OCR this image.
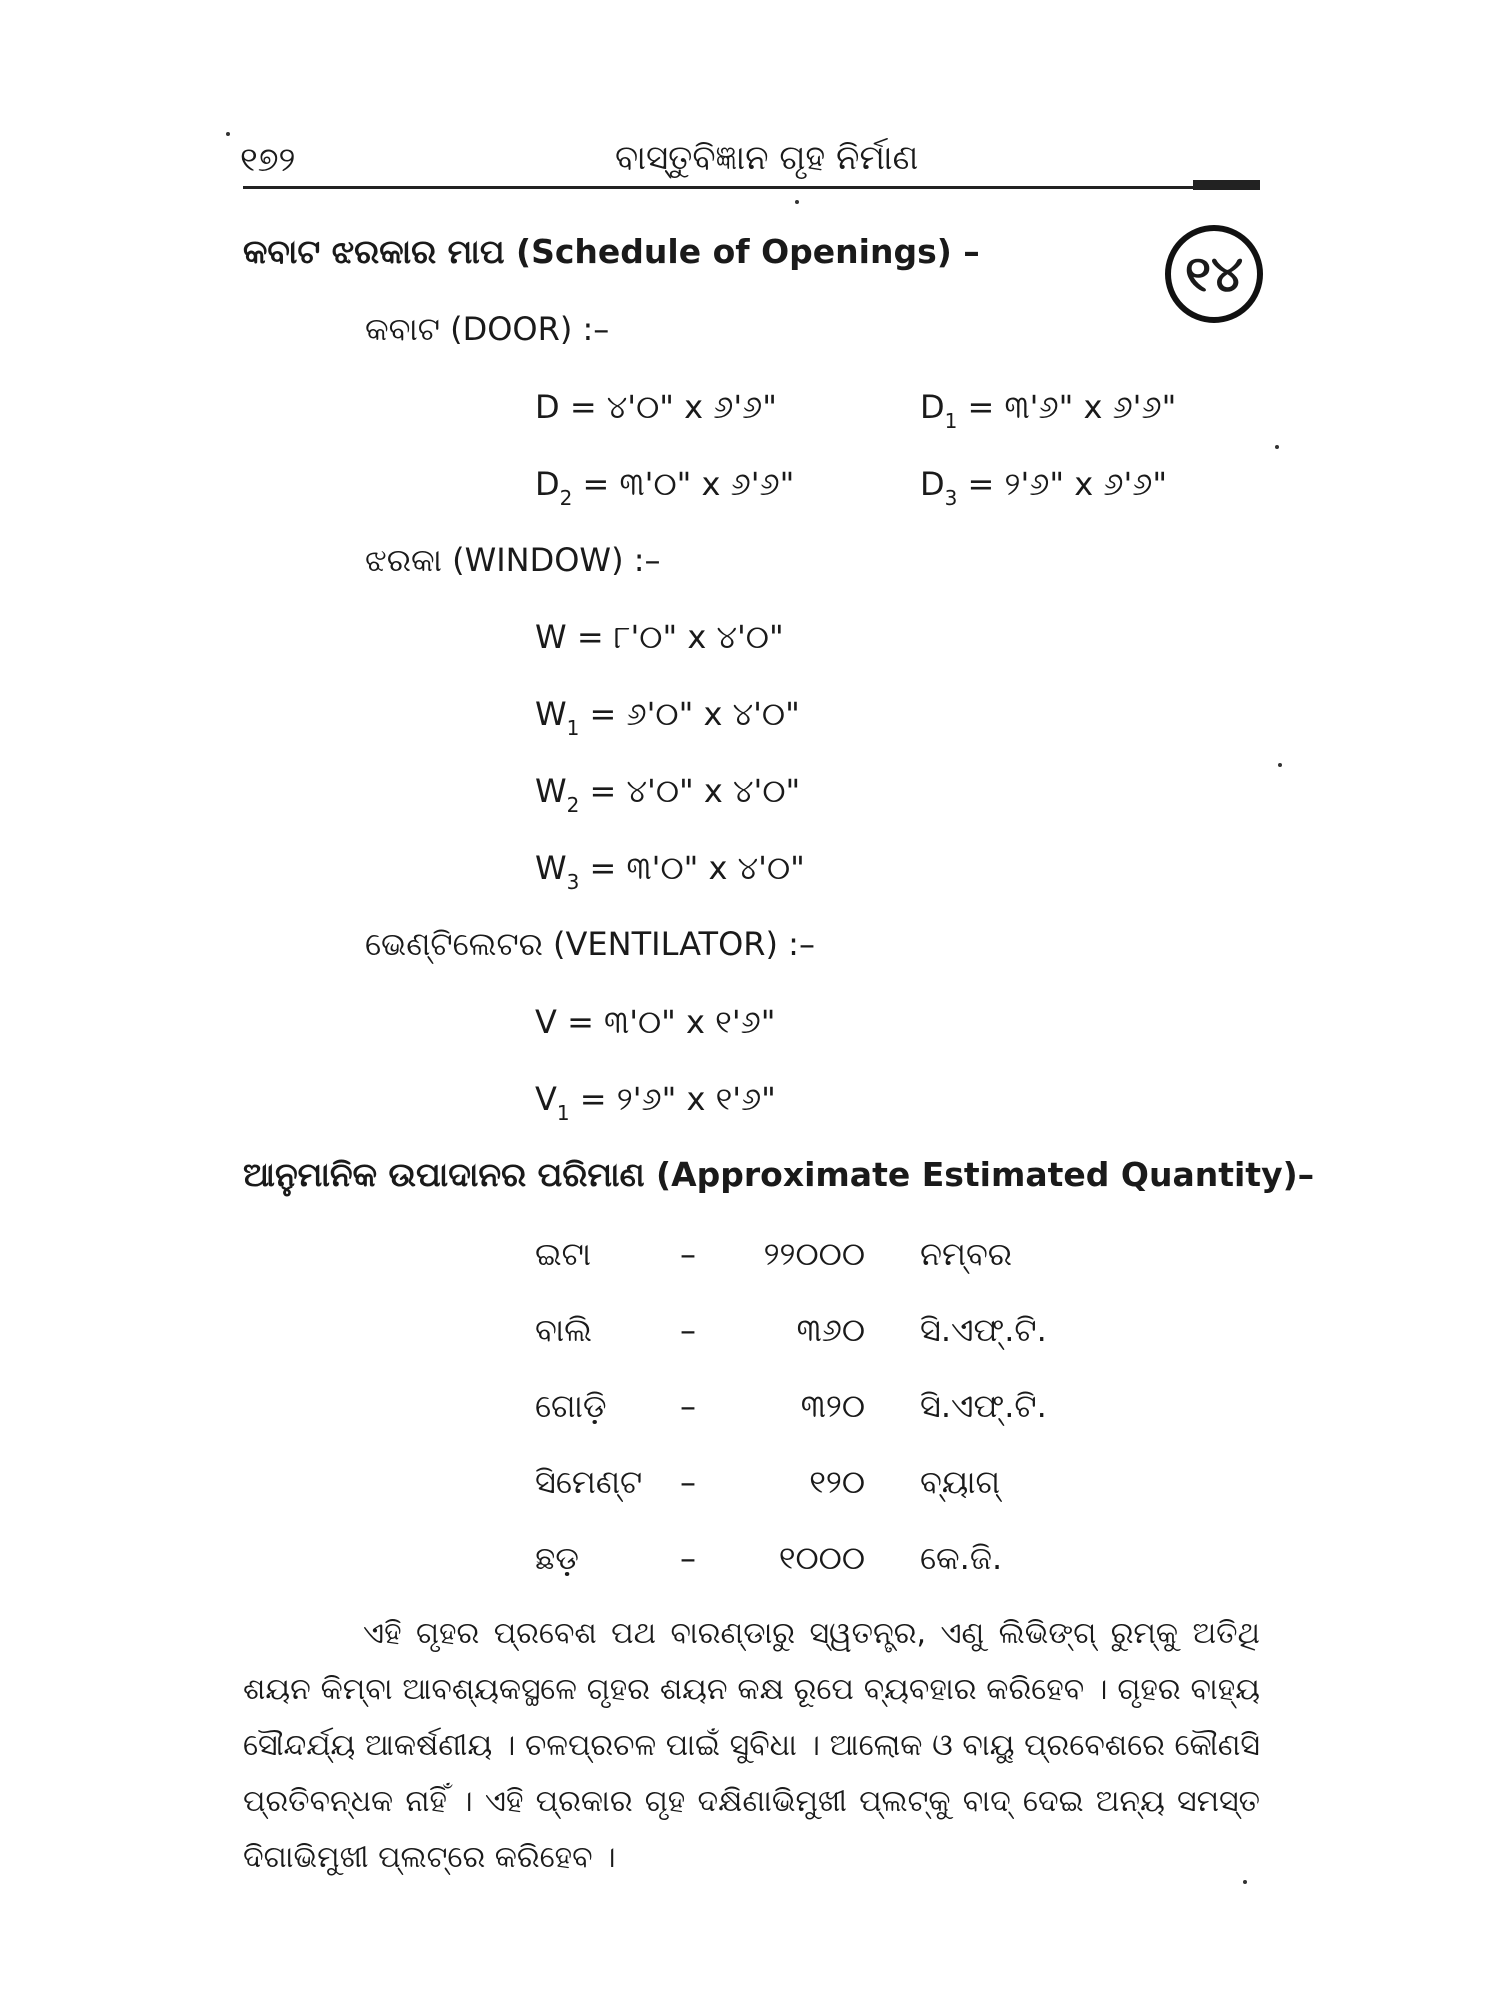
୧୭୨	ବାସ୍ତୁବିଜ୍ଞାନ ଗୃହ ନିର୍ମାଣ
୧୪
କବାଟ ଝରକାର ମାପ (Schedule of Openings) –
କବାଟ (DOOR) :–
D = ୪'୦" x ୬'୬"	$D_1$ = ୩'୬" x ୬'୬"
$D_2$ = ୩'୦" x ୬'୬"	$D_3$ = ୨'୬" x ୬'୬"
ଝରକା (WINDOW) :–
W = ୮'୦" x ୪'୦"
$W_1$ = ୬'୦" x ୪'୦"
$W_2$ = ୪'୦" x ୪'୦"
$W_3$ = ୩'୦" x ୪'୦"
ଭେଣ୍ଟିଲେଟର (VENTILATOR) :–
V = ୩'୦" x ୧'୬"
$V_1$ = ୨'୬" x ୧'୬"
ଆନୁମାନିକ ଉପାଦାନର ପରିମାଣ (Approximate Estimated Quantity)–
ଇଟା	– ୨୨୦୦୦ ନମ୍ବର
ବାଲି	–	୩୬୦ ସି.ଏଫ୍.ଟି.
ଗୋଡ଼ି –	୩୨୦ ସି.ଏଫ୍.ଟି.
ସିମେଣ୍ଟ –	୧୨୦ ବ୍ୟାଗ୍
ଛଡ଼	–	୧୦୦୦ କେ.ଜି.
ଏହି ଗୃହର ପ୍ରବେଶ ପଥ ବାରଣ୍ଡାରୁ ସ୍ୱତନ୍ତ୍ର, ଏଣୁ ଲିଭିଙ୍ଗ୍ ରୁମ୍‌କୁ ଅତିଥି ଶୟନ କିମ୍ବା ଆବଶ୍ୟକସ୍ଥଳେ ଗୃହର ଶୟନ କକ୍ଷ ରୂପେ ବ୍ୟବହାର କରିହେବ । ଗୃହର ବାହ୍ୟ ସୌନ୍ଦର୍ଯ୍ୟ ଆକର୍ଷଣୀୟ । ଚଳପ୍ରଚଳ ପାଇଁ ସୁବିଧା । ଆଲୋକ ଓ ବାୟୁ ପ୍ରବେଶରେ କୌଣସି ପ୍ରତିବନ୍ଧକ ନାହିଁ । ଏହି ପ୍ରକାର ଗୃହ ଦକ୍ଷିଣାଭିମୁଖୀ ପ୍ଲଟ୍‌କୁ ବାଦ୍ ଦେଇ ଅନ୍ୟ ସମସ୍ତ ଦିଗାଭିମୁଖୀ ପ୍ଲଟ୍‌ରେ କରିହେବ ।
